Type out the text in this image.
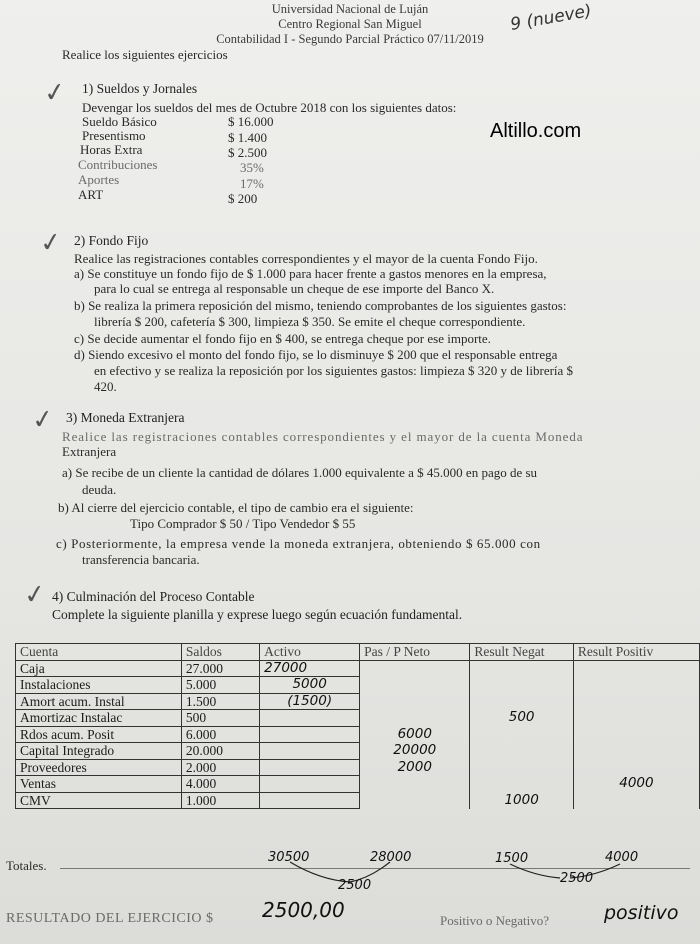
Universidad Nacional de Luján
Centro Regional San Miguel
Contabilidad I - Segundo Parcial Práctico 07/11/2019
9 (nueve)
Realice los siguientes ejercicios
Altillo.com
✓ 1) Sueldos y Jornales
Devengar los sueldos del mes de Octubre 2018 con los siguientes datos:
Sueldo Básico	$ 16.000
Presentismo	$ 1.400
Horas Extra	$ 2.500
Contribuciones	35%
Aportes	17%
ART	$ 200
✓ 2) Fondo Fijo
Realice las registraciones contables correspondientes y el mayor de la cuenta Fondo Fijo.
a) Se constituye un fondo fijo de $ 1.000 para hacer frente a gastos menores en la empresa,
para lo cual se entrega al responsable un cheque de ese importe del Banco X.
b) Se realiza la primera reposición del mismo, teniendo comprobantes de los siguientes gastos:
librería $ 200, cafetería $ 300, limpieza $ 350. Se emite el cheque correspondiente.
c) Se decide aumentar el fondo fijo en $ 400, se entrega cheque por ese importe.
d) Siendo excesivo el monto del fondo fijo, se lo disminuye $ 200 que el responsable entrega
en efectivo y se realiza la reposición por los siguientes gastos: limpieza $ 320 y de librería $
420.
✓ 3) Moneda Extranjera
Realice las registraciones contables correspondientes y el mayor de la cuenta Moneda
Extranjera
a) Se recibe de un cliente la cantidad de dólares 1.000 equivalente a $ 45.000 en pago de su
deuda.
b) Al cierre del ejercicio contable, el tipo de cambio era el siguiente:
Tipo Comprador $ 50 / Tipo Vendedor $ 55
c) Posteriormente, la empresa vende la moneda extranjera, obteniendo $ 65.000 con
transferencia bancaria.
✓ 4) Culminación del Proceso Contable
Complete la siguiente planilla y exprese luego según ecuación fundamental.
Cuenta	Saldos	Activo	Pas / P Neto	Result Negat	Result Positiv
Caja	27.000	27000			
Instalaciones	5.000	5000			
Amort acum. Instal	1.500	(1500)			
Amortizac Instalac	500			500	
Rdos acum. Posit	6.000		6000		
Capital Integrado	20.000		20000		
Proveedores	2.000		2000		
Ventas	4.000				4000
CMV	1.000			1000	
Totales.
30500	28000	1500	4000
2500	2500
RESULTADO DEL EJERCICIO $ 2500,00	Positivo o Negativo?	positivo
